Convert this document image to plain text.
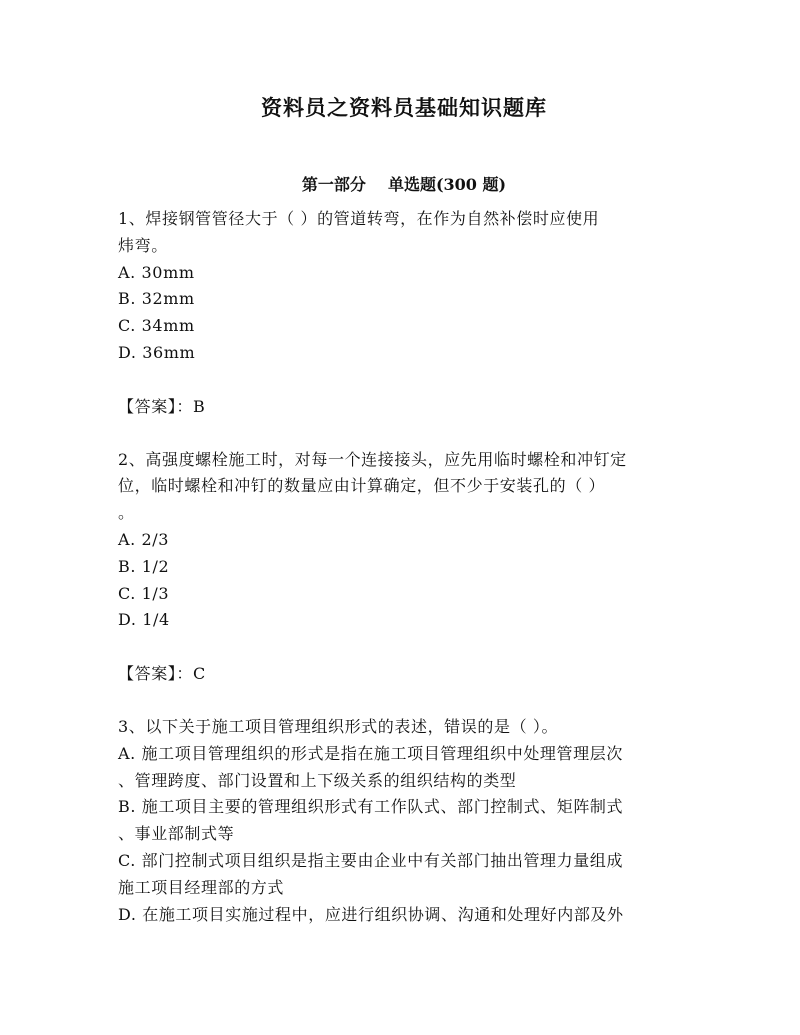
资料员之资料员基础知识题库
第一部分 单选题(300 题)
1、焊接钢管管径大于（ ）的管道转弯，在作为自然补偿时应使用
炜弯。
A. 30mm
B. 32mm
C. 34mm
D. 36mm
【答案】：B
2、高强度螺栓施工时，对每一个连接接头，应先用临时螺栓和冲钉定
位，临时螺栓和冲钉的数量应由计算确定，但不少于安装孔的（ ）
。
A. 2/3
B. 1/2
C. 1/3
D. 1/4
【答案】：C
3、以下关于施工项目管理组织形式的表述，错误的是（ ）。
A. 施工项目管理组织的形式是指在施工项目管理组织中处理管理层次
、管理跨度、部门设置和上下级关系的组织结构的类型
B. 施工项目主要的管理组织形式有工作队式、部门控制式、矩阵制式
、事业部制式等
C. 部门控制式项目组织是指主要由企业中有关部门抽出管理力量组成
施工项目经理部的方式
D. 在施工项目实施过程中，应进行组织协调、沟通和处理好内部及外
